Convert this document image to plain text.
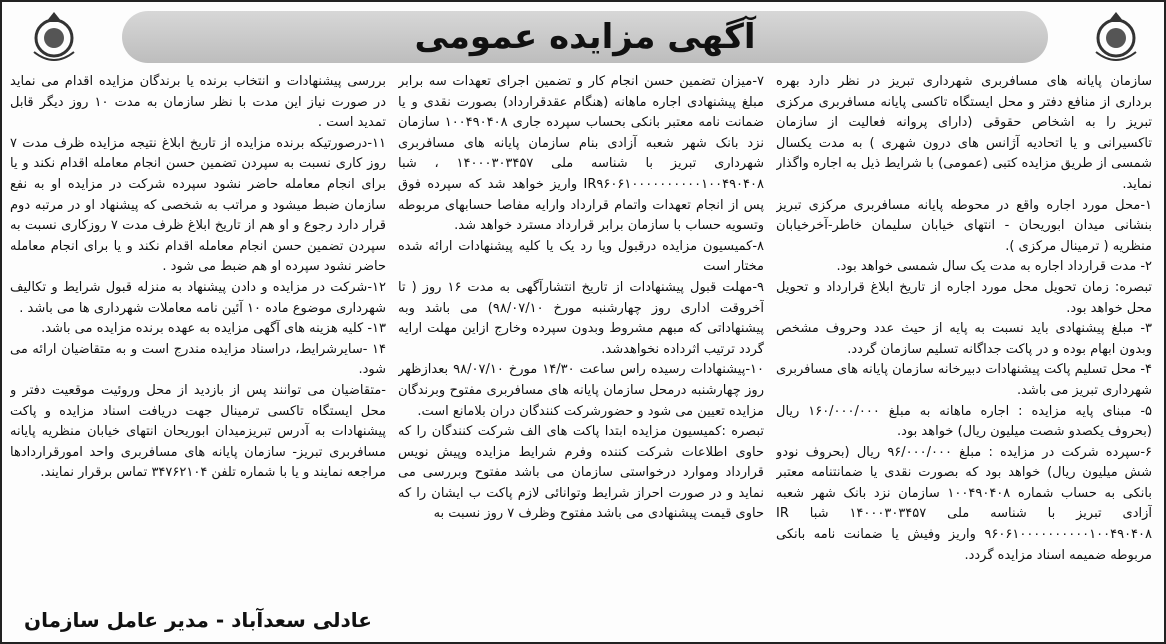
آگهی مزایده عمومی

سازمان پایانه های مسافربری شهرداری تبریز در نظر دارد بهره برداری از منافع دفتر و محل ایستگاه تاکسی پایانه مسافربری مرکزی تبریز را به اشخاص حقوقی (دارای پروانه فعالیت از سازمان تاکسیرانی و یا اتحادیه آژانس های درون شهری ) به مدت یکسال شمسی از طریق مزایده کتبی (عمومی) با شرایط ذیل به اجاره واگذار نماید.

۱-محل مورد اجاره واقع در محوطه پایانه مسافربری مرکزی تبریز بنشانی میدان ابوریحان - انتهای خیابان سلیمان خاطر-آخرخیابان منظریه ( ترمینال مرکزی ).

۲- مدت قرارداد اجاره به مدت یک سال شمسی خواهد بود.

تبصره: زمان تحویل محل مورد اجاره از تاریخ ابلاغ قرارداد و تحویل محل خواهد بود.

۳- مبلغ پیشنهادی باید نسبت به پایه از حیث عدد وحروف مشخص وبدون ابهام بوده و در پاکت جداگانه تسلیم سازمان گردد.

۴- محل تسلیم پاکت پیشنهادات دبیرخانه سازمان پایانه های مسافربری شهرداری تبریز می باشد.

۵- مبنای پایه مزایده : اجاره ماهانه به مبلغ ۱۶۰/۰۰۰/۰۰۰ ریال (بحروف یکصدو شصت میلیون ریال) خواهد بود.

۶-سپرده شرکت در مزایده : مبلغ ۹۶/۰۰۰/۰۰۰ ریال (بحروف نودو شش میلیون ریال) خواهد بود که بصورت نقدی یا ضمانتنامه معتبر بانکی به حساب شماره ۱۰۰۴۹۰۴۰۸ سازمان نزد بانک شهر شعبه آزادی تبریز با شناسه ملی ۱۴۰۰۰۳۰۳۴۵۷ شبا IR ۹۶۰۶۱۰۰۰۰۰۰۰۰۰۰۱۰۰۴۹۰۴۰۸ واریز وفیش یا ضمانت نامه بانکی مربوطه ضمیمه اسناد مزایده گردد.

۷-میزان تضمین حسن انجام کار و تضمین اجرای تعهدات سه برابر مبلغ پیشنهادی اجاره ماهانه (هنگام عقدقرارداد) بصورت نقدی و یا ضمانت نامه معتبر بانکی بحساب سپرده جاری ۱۰۰۴۹۰۴۰۸ سازمان نزد بانک شهر شعبه آزادی بنام سازمان پایانه های مسافربری شهرداری تبریز با شناسه ملی ۱۴۰۰۰۳۰۳۴۵۷ ، شبا IR۹۶۰۶۱۰۰۰۰۰۰۰۰۰۰۱۰۰۴۹۰۴۰۸ واریز خواهد شد که سپرده فوق پس از انجام تعهدات واتمام قرارداد وارایه مفاصا حسابهای مربوطه وتسویه حساب با سازمان برابر قرارداد مسترد خواهد شد.

۸-کمیسیون مزایده درقبول ویا رد یک یا کلیه پیشنهادات ارائه شده مختار است

۹-مهلت قبول پیشنهادات از تاریخ انتشارآگهی به مدت ۱۶ روز ( تا آخروقت اداری روز چهارشنبه مورخ ۹۸/۰۷/۱۰) می باشد وبه پیشنهاداتی که مبهم مشروط وبدون سپرده وخارج ازاین مهلت ارایه گردد ترتیب اثرداده نخواهدشد.

۱۰-پیشنهادات رسیده راس ساعت ۱۴/۳۰ مورخ ۹۸/۰۷/۱۰ بعدازظهر روز چهارشنبه درمحل سازمان پایانه های مسافربری مفتوح وبرندگان مزایده تعیین می شود و حضورشرکت کنندگان دران بلامانع است.

تبصره :کمیسیون مزایده ابتدا پاکت های الف شرکت کنندگان را که حاوی اطلاعات شرکت کننده وفرم شرایط مزایده وپیش نویس قرارداد وموارد درخواستی سازمان می باشد مفتوح وبررسی می نماید و در صورت احراز شرایط وتوانائی لازم پاکت ب ایشان را که حاوی قیمت پیشنهادی می باشد مفتوح وظرف ۷ روز نسبت به

بررسی پیشنهادات و انتخاب برنده یا برندگان مزایده اقدام می نماید در صورت نیاز این مدت با نظر سازمان به مدت ۱۰ روز دیگر قابل تمدید است .

۱۱-درصورتیکه برنده مزایده از تاریخ ابلاغ نتیجه مزایده ظرف مدت ۷ روز کاری نسبت به سپردن تضمین حسن انجام معامله اقدام نکند و یا برای انجام معامله حاضر نشود سپرده شرکت در مزایده او به نفع سازمان ضبط میشود و مراتب به شخصی که پیشنهاد او در مرتبه دوم قرار دارد رجوع و او هم از تاریخ ابلاغ ظرف مدت ۷ روزکاری نسبت به سپردن تضمین حسن انجام معامله اقدام نکند و یا برای انجام معامله حاضر نشود سپرده او هم ضبط می شود .

۱۲-شرکت در مزایده و دادن پیشنهاد به منزله قبول شرایط و تکالیف شهرداری موضوع ماده ۱۰ آئین نامه معاملات شهرداری ها می باشد .

۱۳- کلیه هزینه های آگهی مزایده به عهده برنده مزایده می باشد.

۱۴ -سایرشرایط، دراسناد مزایده مندرج است و به متقاضیان ارائه می شود.

-متقاضیان می توانند پس از بازدید از محل وروئیت موقعیت دفتر و محل ایستگاه تاکسی ترمینال جهت دریافت اسناد مزایده و پاکت پیشنهادات به آدرس تبریزمیدان ابوریحان انتهای خیابان منظریه پایانه مسافربری تبریز- سازمان پایانه های مسافربری واحد امورقراردادها مراجعه نمایند و یا با شماره تلفن ۳۴۷۶۲۱۰۴ تماس برقرار نمایند.

عادلی سعدآباد - مدیر عامل سازمان
